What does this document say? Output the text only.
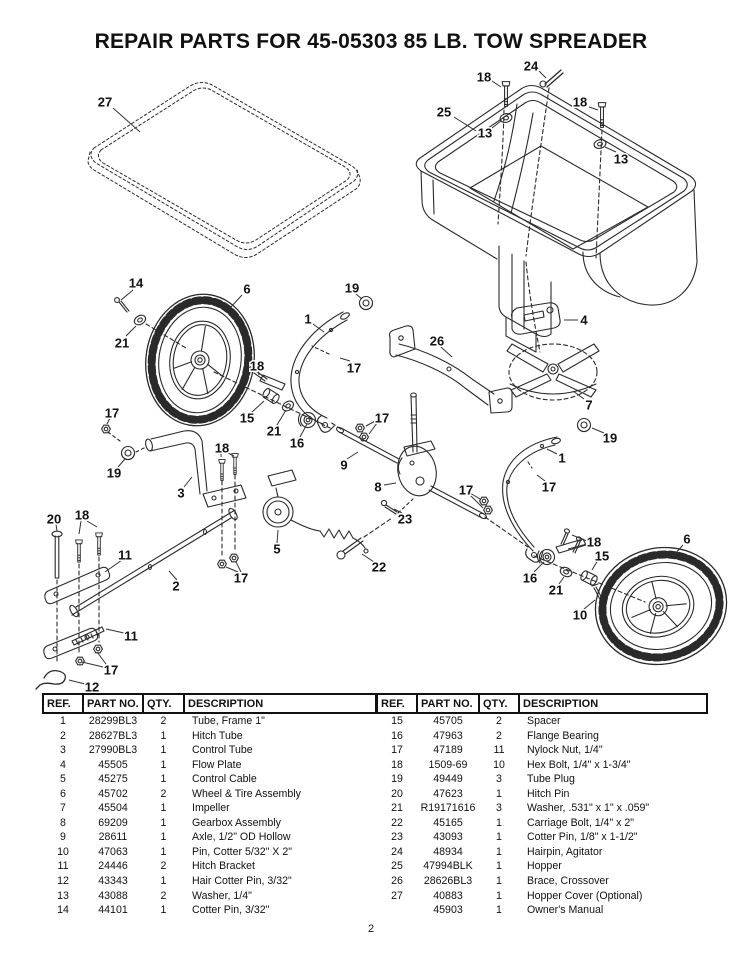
REPAIR PARTS FOR 45-05303 85 LB. TOW SPREADER
27
18
24
25
13
18
13
14	6	19
21
1
17
26
4
7
19
18
15
21
16
17
19
3
18
9
8
17
17
23
1
17
20 18
11
2
17
5
22
16
18
15
21
10
6
11
17
12
REF.	PART NO.	QTY.	DESCRIPTION
1	28299BL3	2	Tube, Frame 1"
2	28627BL3	1	Hitch Tube
3	27990BL3	1	Control Tube
4	45505	1	Flow Plate
5	45275	1	Control Cable
6	45702	2	Wheel & Tire Assembly
7	45504	1	Impeller
8	69209	1	Gearbox Assembly
9	28611	1	Axle, 1/2" OD Hollow
10	47063	1	Pin, Cotter 5/32" X 2"
11	24446	2	Hitch Bracket
12	43343	1	Hair Cotter Pin, 3/32"
13	43088	2	Washer, 1/4"
14	44101	1	Cotter Pin, 3/32"
REF.	PART NO.	QTY.	DESCRIPTION
15	45705	2	Spacer
16	47963	2	Flange Bearing
17	47189	11	Nylock Nut, 1/4"
18	1509-69	10	Hex Bolt, 1/4" x 1-3/4"
19	49449	3	Tube Plug
20	47623	1	Hitch Pin
21	R19171616	3	Washer, .531" x 1" x .059"
22	45165	1	Carriage Bolt, 1/4" x 2"
23	43093	1	Cotter Pin, 1/8" x 1-1/2"
24	48934	1	Hairpin, Agitator
25	47994BLK	1	Hopper
26	28626BL3	1	Brace, Crossover
27	40883	1	Hopper Cover (Optional)
	45903	1	Owner's Manual
2
